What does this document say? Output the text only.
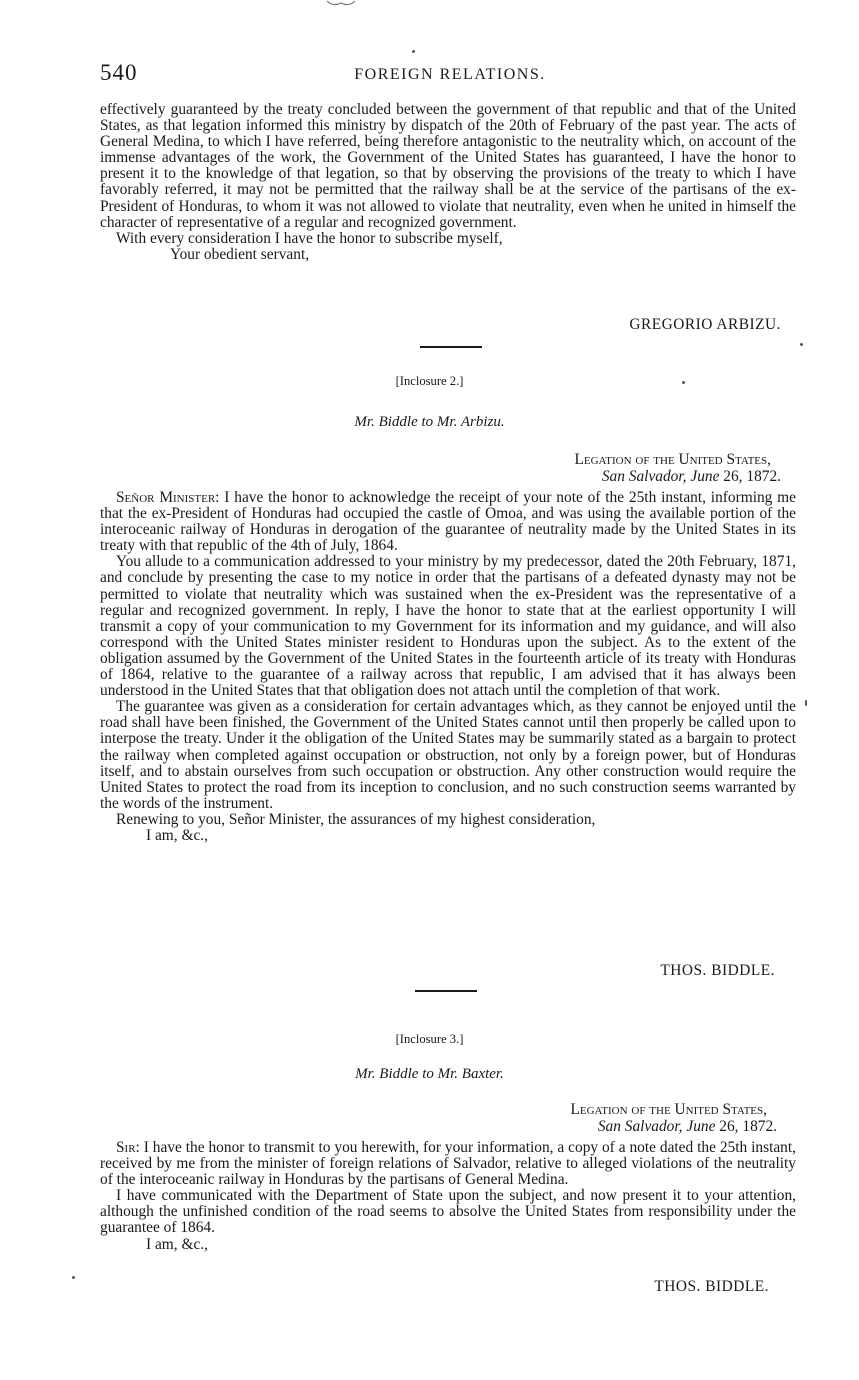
540	FOREIGN RELATIONS.

effectively guaranteed by the treaty concluded between the government of that republic and that of the United States, as that legation informed this ministry by dispatch of the 20th of February of the past year. The acts of General Medina, to which I have referred, being therefore antagonistic to the neutrality which, on account of the immense advantages of the work, the Government of the United States has guaranteed, I have the honor to present it to the knowledge of that legation, so that by observing the provisions of the treaty to which I have favorably referred, it may not be permitted that the railway shall be at the service of the partisans of the ex-President of Honduras, to whom it was not allowed to violate that neutrality, even when he united in himself the character of representative of a regular and recognized government.

With every consideration I have the honor to subscribe myself,

Your obedient servant,

GREGORIO ARBIZU.
[Inclosure 2.]
Mr. Biddle to Mr. Arbizu.
Legation of the United States,
San Salvador, June 26, 1872.

Señor Minister: I have the honor to acknowledge the receipt of your note of the 25th instant, informing me that the ex-President of Honduras had occupied the castle of Omoa, and was using the available portion of the interoceanic railway of Honduras in derogation of the guarantee of neutrality made by the United States in its treaty with that republic of the 4th of July, 1864.

You allude to a communication addressed to your ministry by my predecessor, dated the 20th February, 1871, and conclude by presenting the case to my notice in order that the partisans of a defeated dynasty may not be permitted to violate that neutrality which was sustained when the ex-President was the representative of a regular and recognized government. In reply, I have the honor to state that at the earliest opportunity I will transmit a copy of your communication to my Government for its information and my guidance, and will also correspond with the United States minister resident to Honduras upon the subject. As to the extent of the obligation assumed by the Government of the United States in the fourteenth article of its treaty with Honduras of 1864, relative to the guarantee of a railway across that republic, I am advised that it has always been understood in the United States that that obligation does not attach until the completion of that work.

The guarantee was given as a consideration for certain advantages which, as they cannot be enjoyed until the road shall have been finished, the Government of the United States cannot until then properly be called upon to interpose the treaty. Under it the obligation of the United States may be summarily stated as a bargain to protect the railway when completed against occupation or obstruction, not only by a foreign power, but of Honduras itself, and to abstain ourselves from such occupation or obstruction. Any other construction would require the United States to protect the road from its inception to conclusion, and no such construction seems warranted by the words of the instrument.

Renewing to you, Señor Minister, the assurances of my highest consideration,

I am, &c.,

THOS. BIDDLE.
[Inclosure 3.]
Mr. Biddle to Mr. Baxter.
Legation of the United States,
San Salvador, June 26, 1872.

Sir: I have the honor to transmit to you herewith, for your information, a copy of a note dated the 25th instant, received by me from the minister of foreign relations of Salvador, relative to alleged violations of the neutrality of the interoceanic railway in Honduras by the partisans of General Medina.

I have communicated with the Department of State upon the subject, and now present it to your attention, although the unfinished condition of the road seems to absolve the United States from responsibility under the guarantee of 1864.

I am, &c.,

THOS. BIDDLE.
